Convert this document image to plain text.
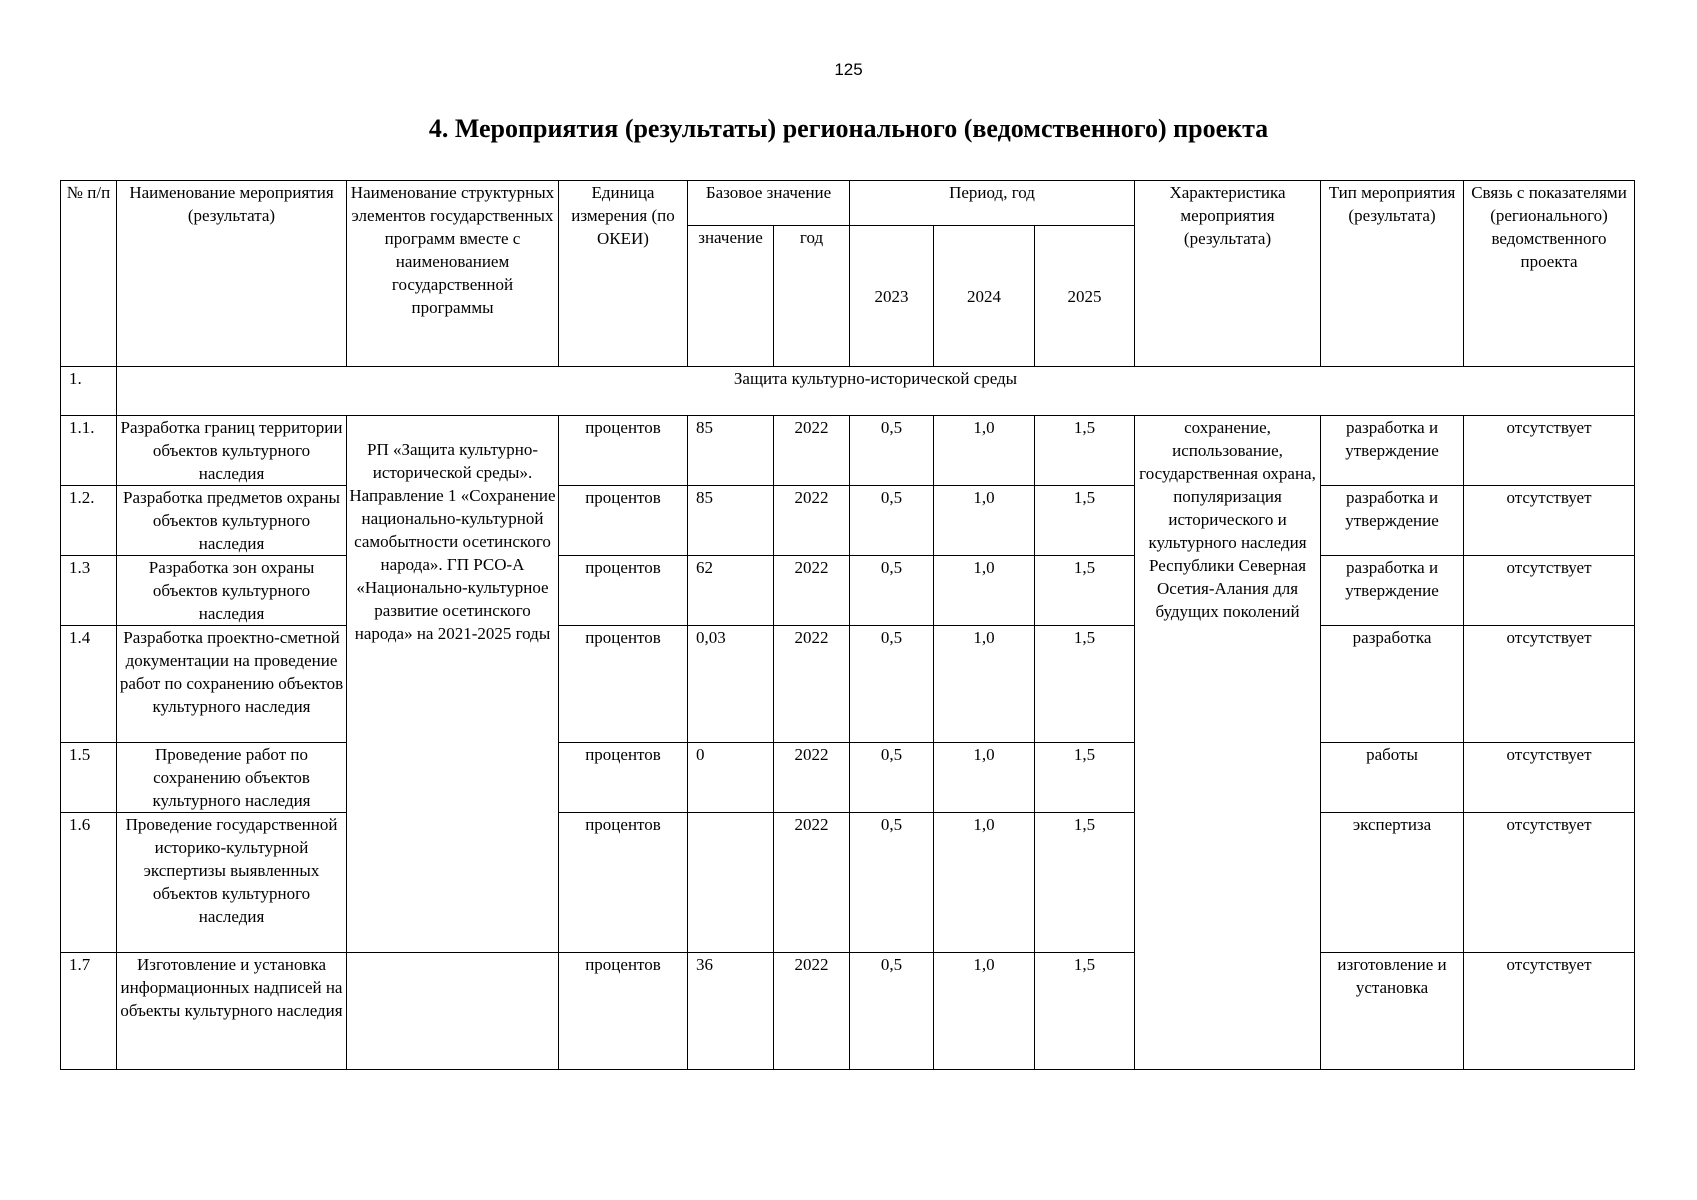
125
4. Мероприятия (результаты) регионального (ведомственного) проекта
№ п/п	Наименование мероприятия (результата)	Наименование структурных элементов государственных программ вместе с наименованием государственной программы	Единица измерения (по ОКЕИ)	Базовое значение		Период, год			Характеристика мероприятия (результата)	Тип мероприятия (результата)	Связь с показателями (регионального) ведомственного проекта
				значение	год	2023	2024	2025			
1.	Защита культурно-исторической среды										
1.1.	Разработка границ территории объектов культурного наследия	РП «Защита культурно-исторической среды». Направление 1 «Сохранение национально-культурной самобытности осетинского народа». ГП РСО-А «Национально-культурное развитие осетинского народа» на 2021-2025 годы	процентов	85	2022	0,5	1,0	1,5	сохранение, использование, государственная охрана, популяризация исторического и культурного наследия Республики Северная Осетия-Алания для будущих поколений	разработка и утверждение	отсутствует
1.2.	Разработка предметов охраны объектов культурного наследия		процентов	85	2022	0,5	1,0	1,5		разработка и утверждение	отсутствует
1.3	Разработка зон охраны объектов культурного наследия		процентов	62	2022	0,5	1,0	1,5		разработка и утверждение	отсутствует
1.4	Разработка проектно-сметной документации на проведение работ по сохранению объектов культурного наследия		процентов	0,03	2022	0,5	1,0	1,5		разработка	отсутствует
1.5	Проведение работ по сохранению объектов культурного наследия		процентов	0	2022	0,5	1,0	1,5		работы	отсутствует
1.6	Проведение государственной историко-культурной экспертизы выявленных объектов культурного наследия		процентов		2022	0,5	1,0	1,5		экспертиза	отсутствует
1.7	Изготовление и установка информационных надписей на объекты культурного наследия		процентов	36	2022	0,5	1,0	1,5		изготовление и установка	отсутствует
